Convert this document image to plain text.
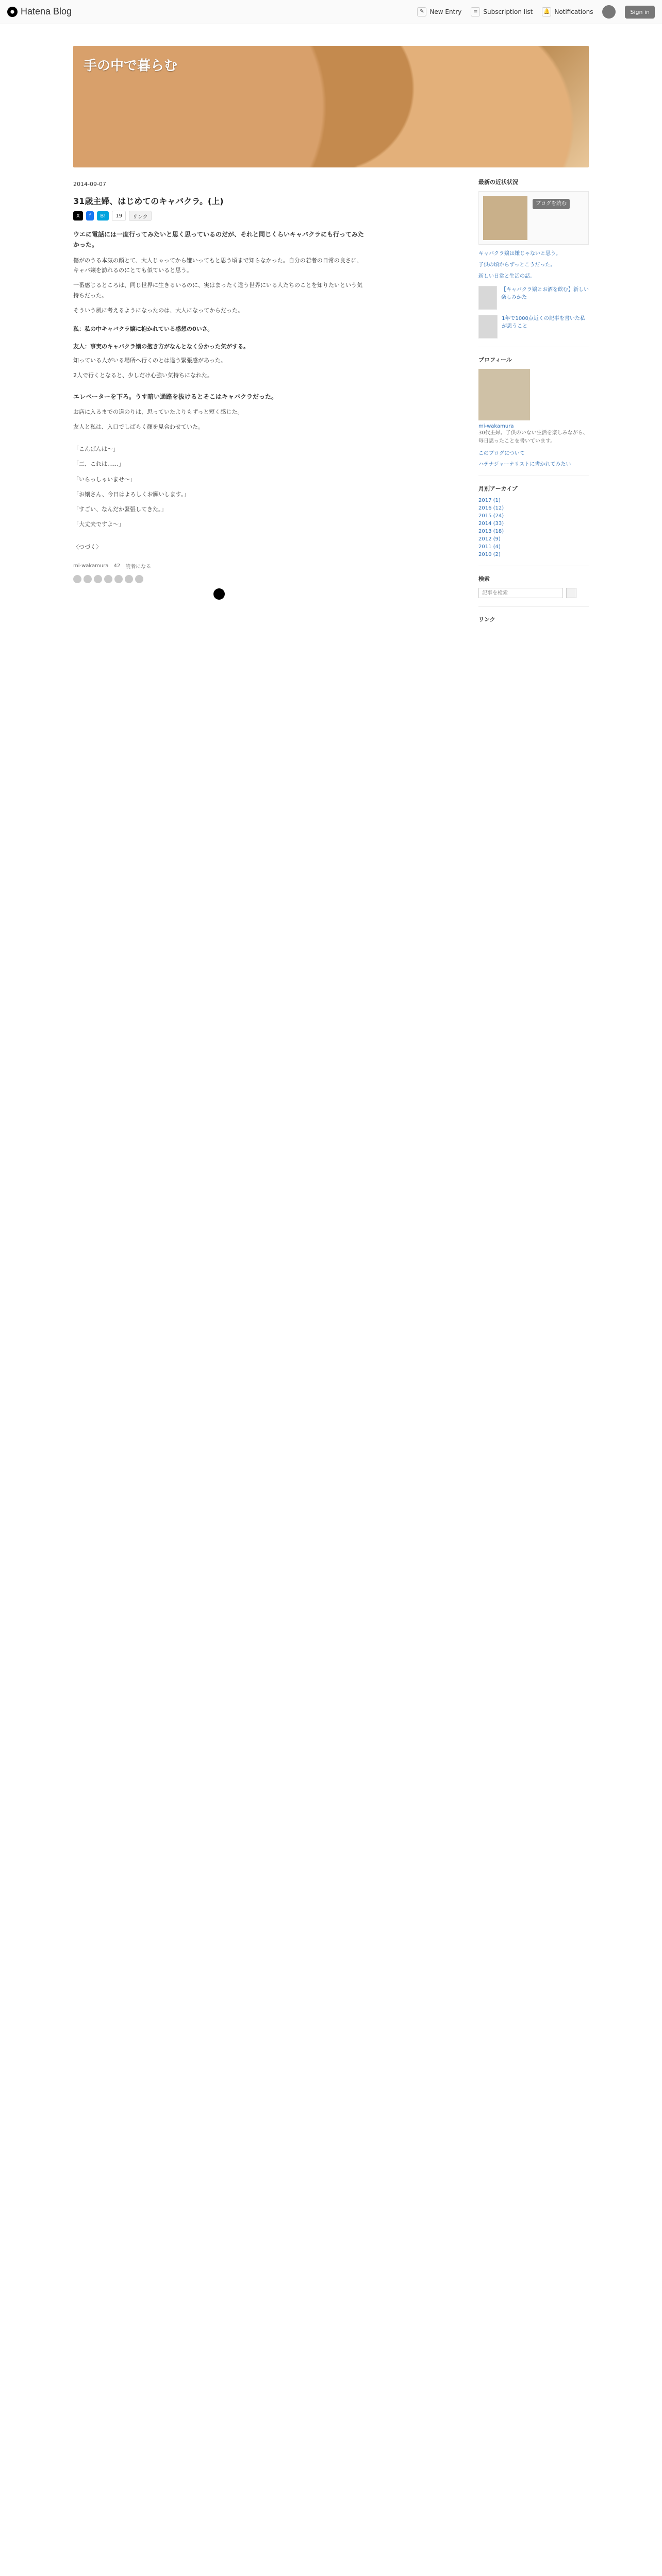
Hatena Blog	✎ New Entry	≡ Subscription list 🔔 Notifications	Sign in
手の中で暮らむ
2014-09-07
31歳主婦、はじめてのキャバクラ。(上)
X f B! 19 リンク
ウエに電話には一度行ってみたいと思く思っているのだが、それと同じくらいキャバクラにも行ってみたかった。

傷がのうる本気の顔とて、大人じゃってから嫌いってもと思う頃まで知らなかった。自分の若者の日常の良さに、キャバ嬢を訪れるのにとても似ていると思う。

一番感じるところは、同じ世界に生きるいるのに、実はまったく違う世界にいる人たちのことを知りたいという気持ちだった。

そういう風に考えるようになったのは、大人になってからだった。

私：私の中キャバクラ嬢に抱かれている感想の0いさ。
友人：事実のキャバクラ嬢の抱き方がなんとなく分かった気がする。

知っている人がいる場所へ行くのとは違う緊張感があった。

2人で行くとなると、少しだけ心強い気持ちになれた。

エレベーターを下ろ。うす暗い通路を抜けるとそこはキャバクラだった。

お店に入るまでの道のりは、思っていたよりもずっと短く感じた。

友人と私は、入口でしばらく顔を見合わせていた。

「こんばんは〜」

「二、これは……」

「いらっしゃいませ〜」

「お嬢さん、今日はよろしくお願いします。」

「すごい、なんだか緊張してきた。」

「大丈夫ですよ〜」

〈つづく〉

mi-wakamura 42 読者になる
最新の近状状況
ブログを読む
キャバクラ嬢は嫌じゃないと思う。
子供の頃からずっとこうだった。
新しい日常と生活の話。
【キャバクラ嬢とお酒を飲む】新しい楽しみかた
1年で1000点近くの記事を書いた私が思うこと
プロフィール
mi-wakamura
30代主婦。子供のいない生活を楽しみながら、毎日思ったことを書いています。
このブログについて
ハテナジャーナリストに書かれてみたい
月別アーカイブ
2017 (1)
2016 (12)
2015 (24)
2014 (33)
2013 (18)
2012 (9)
2011 (4)
2010 (2)
検索
記事を検索
リンク
